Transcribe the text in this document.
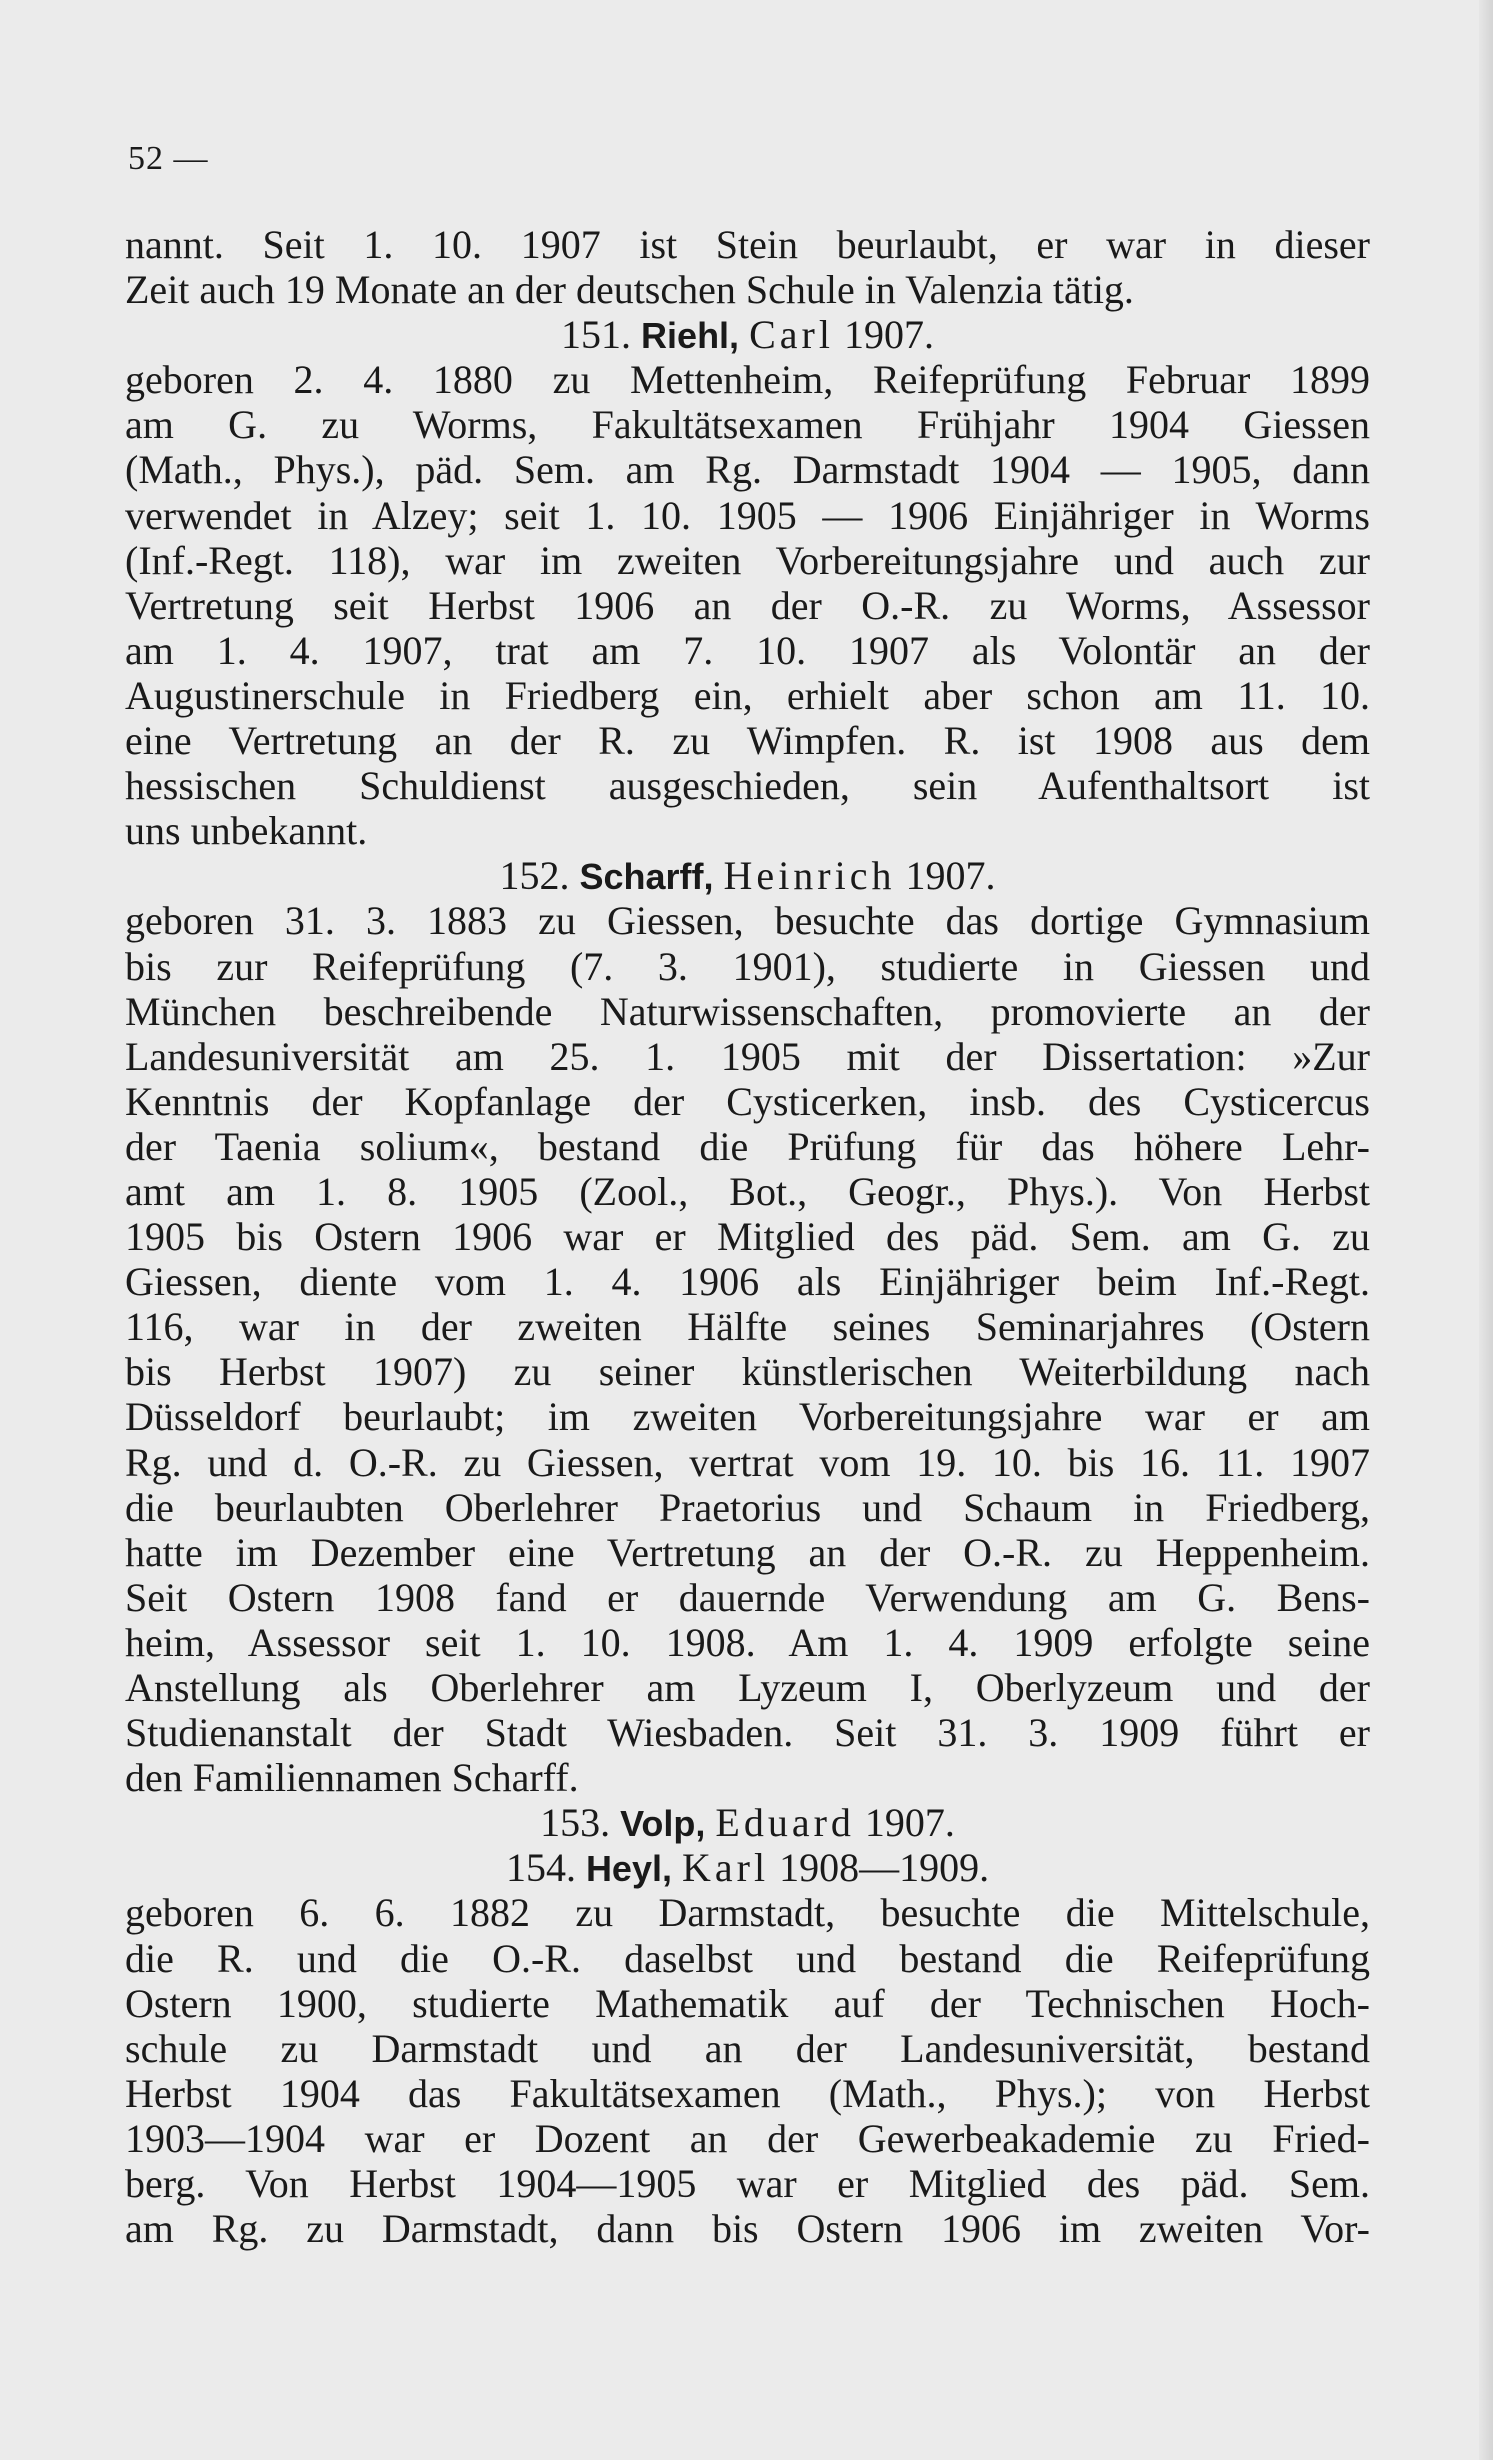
52 —
nannt. Seit 1. 10. 1907 ist Stein beurlaubt, er war in dieser
Zeit auch 19 Monate an der deutschen Schule in Valenzia tätig.
151. Riehl, Carl 1907.
geboren 2. 4. 1880 zu Mettenheim, Reifeprüfung Februar 1899
am G. zu Worms, Fakultätsexamen Frühjahr 1904 Giessen
(Math., Phys.), päd. Sem. am Rg. Darmstadt 1904 — 1905, dann
verwendet in Alzey; seit 1. 10. 1905 — 1906 Einjähriger in Worms
(Inf.-Regt. 118), war im zweiten Vorbereitungsjahre und auch zur
Vertretung seit Herbst 1906 an der O.-R. zu Worms, Assessor
am 1. 4. 1907, trat am 7. 10. 1907 als Volontär an der
Augustinerschule in Friedberg ein, erhielt aber schon am 11. 10.
eine Vertretung an der R. zu Wimpfen. R. ist 1908 aus dem
hessischen Schuldienst ausgeschieden, sein Aufenthaltsort ist
uns unbekannt.
152. Scharff, Heinrich 1907.
geboren 31. 3. 1883 zu Giessen, besuchte das dortige Gymnasium
bis zur Reifeprüfung (7. 3. 1901), studierte in Giessen und
München beschreibende Naturwissenschaften, promovierte an der
Landesuniversität am 25. 1. 1905 mit der Dissertation: »Zur
Kenntnis der Kopfanlage der Cysticerken, insb. des Cysticercus
der Taenia solium«, bestand die Prüfung für das höhere Lehr-
amt am 1. 8. 1905 (Zool., Bot., Geogr., Phys.). Von Herbst
1905 bis Ostern 1906 war er Mitglied des päd. Sem. am G. zu
Giessen, diente vom 1. 4. 1906 als Einjähriger beim Inf.-Regt.
116, war in der zweiten Hälfte seines Seminarjahres (Ostern
bis Herbst 1907) zu seiner künstlerischen Weiterbildung nach
Düsseldorf beurlaubt; im zweiten Vorbereitungsjahre war er am
Rg. und d. O.-R. zu Giessen, vertrat vom 19. 10. bis 16. 11. 1907
die beurlaubten Oberlehrer Praetorius und Schaum in Friedberg,
hatte im Dezember eine Vertretung an der O.-R. zu Heppenheim.
Seit Ostern 1908 fand er dauernde Verwendung am G. Bens-
heim, Assessor seit 1. 10. 1908. Am 1. 4. 1909 erfolgte seine
Anstellung als Oberlehrer am Lyzeum I, Oberlyzeum und der
Studienanstalt der Stadt Wiesbaden. Seit 31. 3. 1909 führt er
den Familiennamen Scharff.
153. Volp, Eduard 1907.
154. Heyl, Karl 1908—1909.
geboren 6. 6. 1882 zu Darmstadt, besuchte die Mittelschule,
die R. und die O.-R. daselbst und bestand die Reifeprüfung
Ostern 1900, studierte Mathematik auf der Technischen Hoch-
schule zu Darmstadt und an der Landesuniversität, bestand
Herbst 1904 das Fakultätsexamen (Math., Phys.); von Herbst
1903—1904 war er Dozent an der Gewerbeakademie zu Fried-
berg. Von Herbst 1904—1905 war er Mitglied des päd. Sem.
am Rg. zu Darmstadt, dann bis Ostern 1906 im zweiten Vor-
